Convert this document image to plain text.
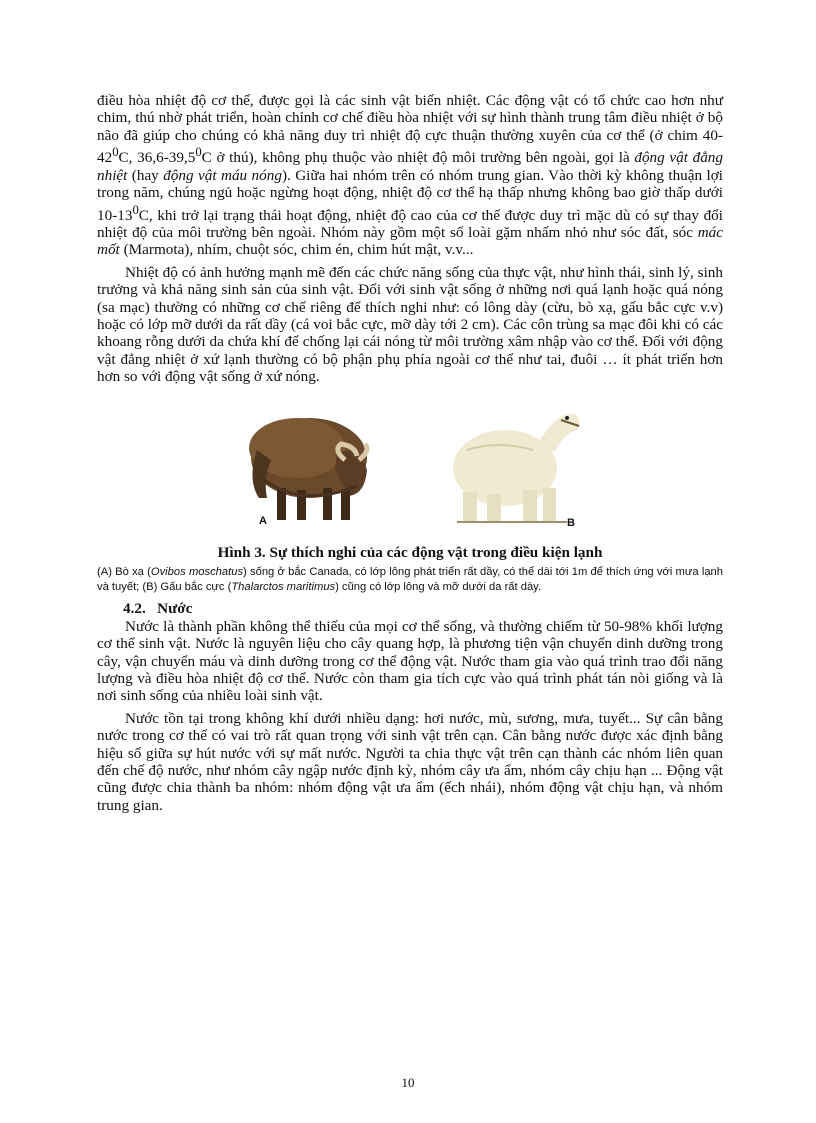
điều hòa nhiệt độ cơ thể, được gọi là các sinh vật biến nhiệt. Các động vật có tổ chức cao hơn như chim, thú nhờ phát triển, hoàn chỉnh cơ chế điều hòa nhiệt với sự hình thành trung tâm điều nhiệt ở bộ não đã giúp cho chúng có khả năng duy trì nhiệt độ cực thuận thường xuyên của cơ thể (ở chim $40-42^0C$, 36,6-39,5$^0$C ở thú), không phụ thuộc vào nhiệt độ môi trường bên ngoài, gọi là động vật đẳng nhiệt (hay động vật máu nóng). Giữa hai nhóm trên có nhóm trung gian. Vào thời kỳ không thuận lợi trong năm, chúng ngủ hoặc ngừng hoạt động, nhiệt độ cơ thể hạ thấp nhưng không bao giờ thấp dưới $10-13^0C$, khi trở lại trạng thái hoạt động, nhiệt độ cao của cơ thể được duy trì mặc dù có sự thay đổi nhiệt độ của môi trường bên ngoài. Nhóm này gồm một số loài gặm nhấm nhỏ như sóc đất, sóc mác mốt (Marmota), nhím, chuột sóc, chim én, chim hút mật, v.v...

Nhiệt độ có ảnh hưởng mạnh mẽ đến các chức năng sống của thực vật, như hình thái, sinh lý, sinh trưởng và khả năng sinh sản của sinh vật. Đối với sinh vật sống ở những nơi quá lạnh hoặc quá nóng (sa mạc) thường có những cơ chế riêng để thích nghi như: có lông dày (cừu, bò xạ, gấu bắc cực v.v) hoặc có lớp mỡ dưới da rất dầy (cá voi bắc cực, mỡ dày tới 2 cm). Các côn trùng sa mạc đôi khi có các khoang rỗng dưới da chứa khí để chống lại cái nóng từ môi trường xâm nhập vào cơ thể. Đối với động vật đẳng nhiệt ở xứ lạnh thường có bộ phận phụ phía ngoài cơ thể như tai, đuôi … ít phát triển hơn hơn so với động vật sống ở xứ nóng.

A	B
Hình 3. Sự thích nghi của các động vật trong điều kiện lạnh
(A) Bò xạ (Ovibos moschatus) sống ở bắc Canada, có lớp lông phát triển rất dầy, có thể dài tới 1m để thích ứng với mưa lạnh và tuyết; (B) Gấu bắc cực (Thalarctos maritimus) cũng có lớp lông và mỡ dưới da rất dày.
4.2. Nước

Nước là thành phần không thể thiếu của mọi cơ thể sống, và thường chiếm từ 50-98% khối lượng cơ thể sinh vật. Nước là nguyên liệu cho cây quang hợp, là phương tiện vận chuyển dinh dưỡng trong cây, vận chuyển máu và dinh dưỡng trong cơ thể động vật. Nước tham gia vào quá trình trao đổi năng lượng và điều hòa nhiệt độ cơ thể. Nước còn tham gia tích cực vào quá trình phát tán nòi giống và là nơi sinh sống của nhiều loài sinh vật.

Nước tồn tại trong không khí dưới nhiều dạng: hơi nước, mù, sương, mưa, tuyết... Sự cân bằng nước trong cơ thể có vai trò rất quan trọng với sinh vật trên cạn. Cân bằng nước được xác định bằng hiệu số giữa sự hút nước với sự mất nước. Người ta chia thực vật trên cạn thành các nhóm liên quan đến chế độ nước, như nhóm cây ngập nước định kỳ, nhóm cây ưa ẩm, nhóm cây chịu hạn ... Động vật cũng được chia thành ba nhóm: nhóm động vật ưa ẩm (ếch nhái), nhóm động vật chịu hạn, và nhóm trung gian.

10
